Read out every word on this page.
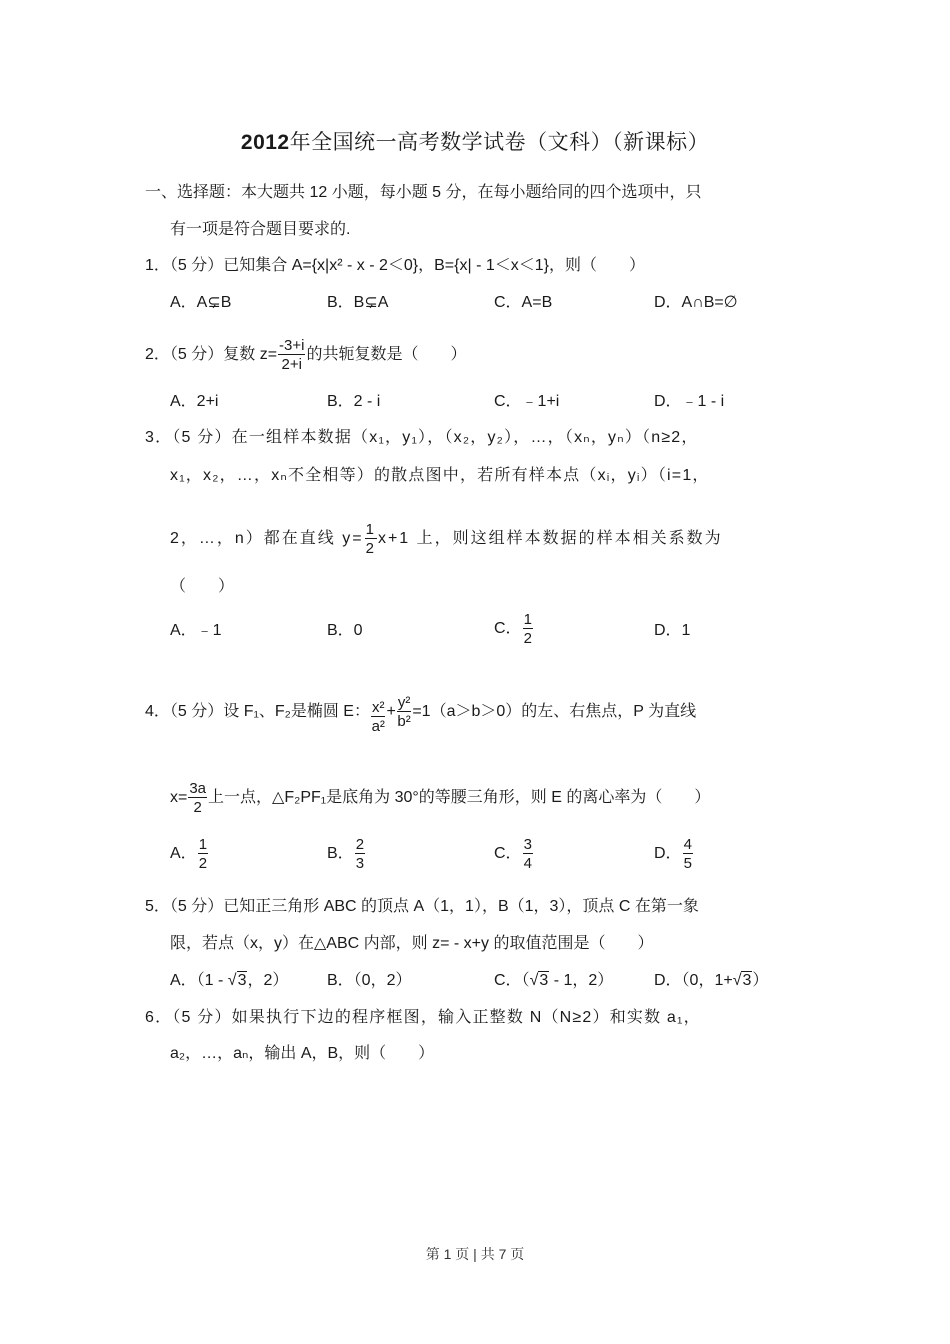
2012年全国统一高考数学试卷（文科）（新课标）
一、选择题：本大题共 12 小题，每小题 5 分，在每小题给同的四个选项中，只
有一项是符合题目要求的.
1．（5 分）已知集合 A={x|x² - x - 2＜0}，B={x| - 1＜x＜1}，则（　　）
A．A⊊B	B．B⊊A	C．A=B	D．A∩B=∅
2．（5 分）复数 $z= \frac{-3+i}{2+i}$ 的共轭复数是（　　）
A．2+i	B．2 - i	C．﹣1+i	D．﹣1 - i
3．（5 分）在一组样本数据（x₁，y₁），（x₂，y₂），…，（xₙ，yₙ）（n≥2，
x₁，x₂，…，xₙ不全相等）的散点图中，若所有样本点（xᵢ，yᵢ）（i=1，
2，…，n）都在直线 $y= \frac{1}{2} x+1$ 上，则这组样本数据的样本相关系数为
（　　）
A．﹣1	B．0	C． $\frac{1}{2}$	D．1
4．（5 分）设 F₁、F₂是椭圆 E： $\frac{\text{x²}}{\text{a²}} + \frac{\text{y²}}{\text{b²}} =1(a>b>0)$的左、右焦点，P 为直线
$x= \frac{3a}{2}$ 上一点，△F₂PF₁是底角为 30°的等腰三角形，则 E 的离心率为（　　）
A． $\frac{1}{2}$	B． $\frac{2}{3}$	C． $\frac{3}{4}$	D． $\frac{4}{5}$
5．（5 分）已知正三角形 ABC 的顶点 A（1，1），B（1，3），顶点 C 在第一象
限，若点（x，y）在△ABC 内部，则 z= - x+y 的取值范围是（　　）
A．（1 - √3，2） B．（0，2）	C．（√3 - 1，2）	D．（0，1+√3）
6．（5 分）如果执行下边的程序框图，输入正整数 N（N≥2）和实数 a₁，
a₂，…，aₙ，输出 A，B，则（　　）
第 1 页 | 共 7 页
